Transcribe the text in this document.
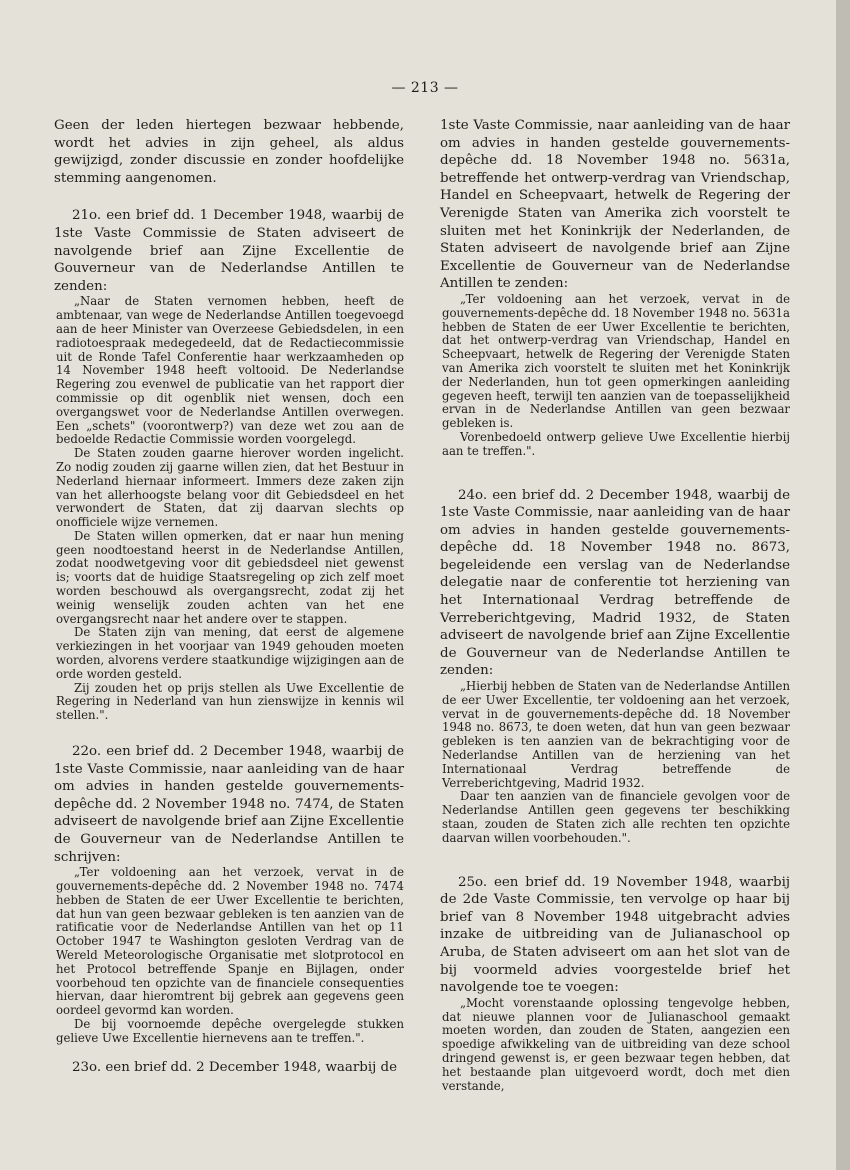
— 213 —
Geen der leden hiertegen bezwaar hebbende, wordt het advies in zijn geheel, als aldus gewijzigd, zonder discussie en zonder hoofdelijke stemming aangenomen.
21o. een brief dd. 1 December 1948, waarbij de 1ste Vaste Commissie de Staten adviseert de navolgende brief aan Zijne Excellentie de Gouverneur van de Nederlandse Antillen te zenden:
„Naar de Staten vernomen hebben, heeft de ambtenaar, van wege de Nederlandse Antillen toegevoegd aan de heer Minister van Overzeese Gebiedsdelen, in een radiotoespraak medegedeeld, dat de Redactiecommissie uit de Ronde Tafel Conferentie haar werkzaamheden op 14 November 1948 heeft voltooid. De Nederlandse Regering zou evenwel de publicatie van het rapport dier commissie op dit ogenblik niet wensen, doch een overgangswet voor de Nederlandse Antillen overwegen. Een „schets" (voorontwerp?) van deze wet zou aan de bedoelde Redactie Commissie worden voorgelegd.
De Staten zouden gaarne hierover worden ingelicht. Zo nodig zouden zij gaarne willen zien, dat het Bestuur in Nederland hiernaar informeert. Immers deze zaken zijn van het allerhoogste belang voor dit Gebiedsdeel en het verwondert de Staten, dat zij daarvan slechts op onofficiele wijze vernemen.
De Staten willen opmerken, dat er naar hun mening geen noodtoestand heerst in de Nederlandse Antillen, zodat noodwetgeving voor dit gebiedsdeel niet gewenst is; voorts dat de huidige Staatsregeling op zich zelf moet worden beschouwd als overgangsrecht, zodat zij het weinig wenselijk zouden achten van het ene overgangsrecht naar het andere over te stappen.
De Staten zijn van mening, dat eerst de algemene verkiezingen in het voorjaar van 1949 gehouden moeten worden, alvorens verdere staatkundige wijzigingen aan de orde worden gesteld.
Zij zouden het op prijs stellen als Uwe Excellentie de Regering in Nederland van hun zienswijze in kennis wil stellen.".
22o. een brief dd. 2 December 1948, waarbij de 1ste Vaste Commissie, naar aanleiding van de haar om advies in handen gestelde gouvernements-depêche dd. 2 November 1948 no. 7474, de Staten adviseert de navolgende brief aan Zijne Excellentie de Gouverneur van de Nederlandse Antillen te schrijven:
„Ter voldoening aan het verzoek, vervat in de gouvernements-depêche dd. 2 November 1948 no. 7474 hebben de Staten de eer Uwer Excellentie te berichten, dat hun van geen bezwaar gebleken is ten aanzien van de ratificatie voor de Nederlandse Antillen van het op 11 October 1947 te Washington gesloten Verdrag van de Wereld Meteorologische Organisatie met slotprotocol en het Protocol betreffende Spanje en Bijlagen, onder voorbehoud ten opzichte van de financiele consequenties hiervan, daar hieromtrent bij gebrek aan gegevens geen oordeel gevormd kan worden.
De bij voornoemde depêche overgelegde stukken gelieve Uwe Excellentie hiernevens aan te treffen.".
23o. een brief dd. 2 December 1948, waarbij de
1ste Vaste Commissie, naar aanleiding van de haar om advies in handen gestelde gouvernements-depêche dd. 18 November 1948 no. 5631a, betreffende het ontwerp-verdrag van Vriendschap, Handel en Scheepvaart, hetwelk de Regering der Verenigde Staten van Amerika zich voorstelt te sluiten met het Koninkrijk der Nederlanden, de Staten adviseert de navolgende brief aan Zijne Excellentie de Gouverneur van de Nederlandse Antillen te zenden:
„Ter voldoening aan het verzoek, vervat in de gouvernements-depêche dd. 18 November 1948 no. 5631a hebben de Staten de eer Uwer Excellentie te berichten, dat het ontwerp-verdrag van Vriendschap, Handel en Scheepvaart, hetwelk de Regering der Verenigde Staten van Amerika zich voorstelt te sluiten met het Koninkrijk der Nederlanden, hun tot geen opmerkingen aanleiding gegeven heeft, terwijl ten aanzien van de toepasselijkheid ervan in de Nederlandse Antillen van geen bezwaar gebleken is.
Vorenbedoeld ontwerp gelieve Uwe Excellentie hierbij aan te treffen.".
24o. een brief dd. 2 December 1948, waarbij de 1ste Vaste Commissie, naar aanleiding van de haar om advies in handen gestelde gouvernements-depêche dd. 18 November 1948 no. 8673, begeleidende een verslag van de Nederlandse delegatie naar de conferentie tot herziening van het Internationaal Verdrag betreffende de Verreberichtgeving, Madrid 1932, de Staten adviseert de navolgende brief aan Zijne Excellentie de Gouverneur van de Nederlandse Antillen te zenden:
„Hierbij hebben de Staten van de Nederlandse Antillen de eer Uwer Excellentie, ter voldoening aan het verzoek, vervat in de gouvernements-depêche dd. 18 November 1948 no. 8673, te doen weten, dat hun van geen bezwaar gebleken is ten aanzien van de bekrachtiging voor de Nederlandse Antillen van de herziening van het Internationaal Verdrag betreffende de Verreberichtgeving, Madrid 1932.
Daar ten aanzien van de financiele gevolgen voor de Nederlandse Antillen geen gegevens ter beschikking staan, zouden de Staten zich alle rechten ten opzichte daarvan willen voorbehouden.".
25o. een brief dd. 19 November 1948, waarbij de 2de Vaste Commissie, ten vervolge op haar bij brief van 8 November 1948 uitgebracht advies inzake de uitbreiding van de Julianaschool op Aruba, de Staten adviseert om aan het slot van de bij voormeld advies voorgestelde brief het navolgende toe te voegen:
„Mocht vorenstaande oplossing tengevolge hebben, dat nieuwe plannen voor de Julianaschool gemaakt moeten worden, dan zouden de Staten, aangezien een spoedige afwikkeling van de uitbreiding van deze school dringend gewenst is, er geen bezwaar tegen hebben, dat het bestaande plan uitgevoerd wordt, doch met dien verstande,
